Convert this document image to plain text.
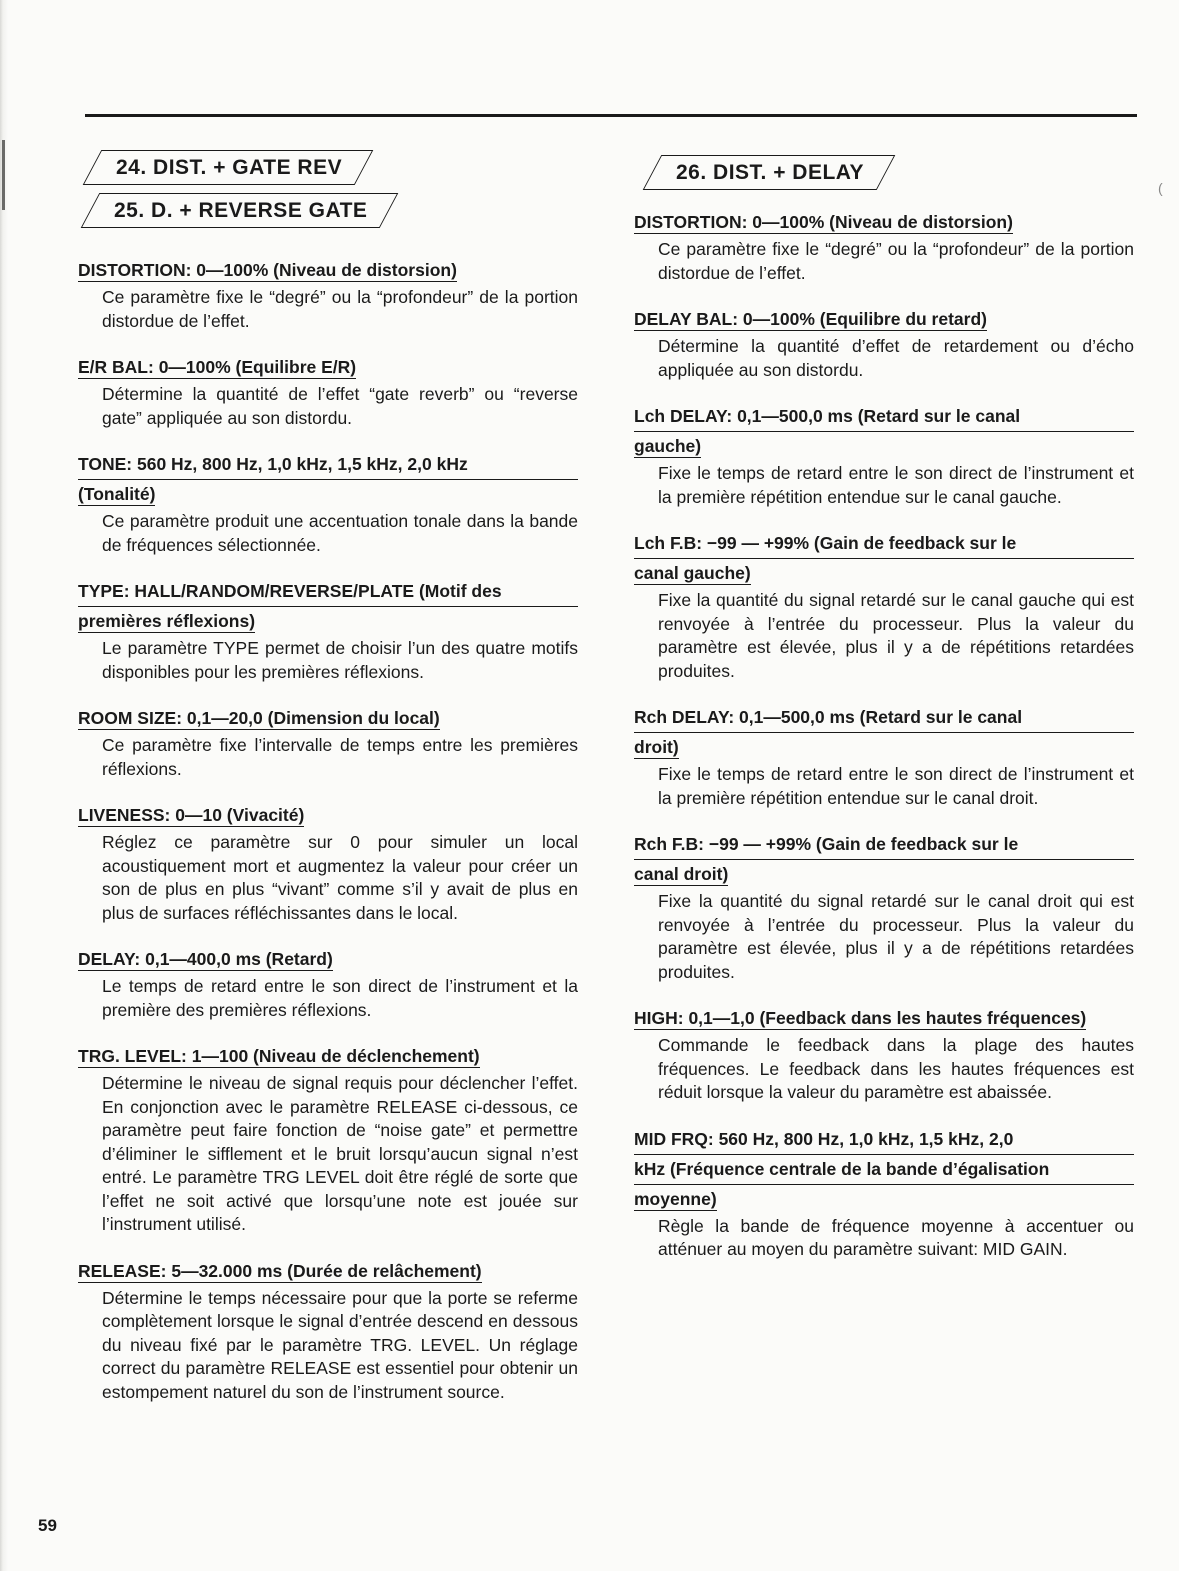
24. DIST. + GATE REV
25. D. + REVERSE GATE

DISTORTION: 0—100% (Niveau de distorsion)

Ce paramètre fixe le “degré” ou la “profondeur” de la portion distordue de l’effet.

E/R BAL: 0—100% (Equilibre E/R)

Détermine la quantité de l’effet “gate reverb” ou “reverse gate” appliquée au son distordu.

TONE: 560 Hz, 800 Hz, 1,0 kHz, 1,5 kHz, 2,0 kHz
(Tonalité)

Ce paramètre produit une accentuation tonale dans la bande de fréquences sélectionnée.

TYPE: HALL/RANDOM/REVERSE/PLATE (Motif des
premières réflexions)

Le paramètre TYPE permet de choisir l’un des quatre motifs disponibles pour les premières réflexions.

ROOM SIZE: 0,1—20,0 (Dimension du local)

Ce paramètre fixe l’intervalle de temps entre les premières réflexions.

LIVENESS: 0—10 (Vivacité)

Réglez ce paramètre sur 0 pour simuler un local acoustiquement mort et augmentez la valeur pour créer un son de plus en plus “vivant” comme s’il y avait de plus en plus de surfaces réfléchissantes dans le local.

DELAY: 0,1—400,0 ms (Retard)

Le temps de retard entre le son direct de l’instrument et la première des premières réflexions.

TRG. LEVEL: 1—100 (Niveau de déclenchement)

Détermine le niveau de signal requis pour déclencher l’effet. En conjonction avec le paramètre RELEASE ci-dessous, ce paramètre peut faire fonction de “noise gate” et permettre d’éliminer le sifflement et le bruit lorsqu’aucun signal n’est entré. Le paramètre TRG LEVEL doit être réglé de sorte que l’effet ne soit activé que lorsqu’une note est jouée sur l’instrument utilisé.

RELEASE: 5—32.000 ms (Durée de relâchement)

Détermine le temps nécessaire pour que la porte se referme complètement lorsque le signal d’entrée descend en dessous du niveau fixé par le paramètre TRG. LEVEL. Un réglage correct du paramètre RELEASE est essentiel pour obtenir un estompement naturel du son de l’instrument source.

26. DIST. + DELAY

DISTORTION: 0—100% (Niveau de distorsion)

Ce paramètre fixe le “degré” ou la “profondeur” de la portion distordue de l’effet.

DELAY BAL: 0—100% (Equilibre du retard)

Détermine la quantité d’effet de retardement ou d’écho appliquée au son distordu.

Lch DELAY: 0,1—500,0 ms (Retard sur le canal
gauche)

Fixe le temps de retard entre le son direct de l’instrument et la première répétition entendue sur le canal gauche.

Lch F.B: −99 — +99% (Gain de feedback sur le
canal gauche)

Fixe la quantité du signal retardé sur le canal gauche qui est renvoyée à l’entrée du processeur. Plus la valeur du paramètre est élevée, plus il y a de répétitions retardées produites.

Rch DELAY: 0,1—500,0 ms (Retard sur le canal
droit)

Fixe le temps de retard entre le son direct de l’instrument et la première répétition entendue sur le canal droit.

Rch F.B: −99 — +99% (Gain de feedback sur le
canal droit)

Fixe la quantité du signal retardé sur le canal droit qui est renvoyée à l’entrée du processeur. Plus la valeur du paramètre est élevée, plus il y a de répétitions retardées produites.

HIGH: 0,1—1,0 (Feedback dans les hautes fréquences)

Commande le feedback dans la plage des hautes fréquences. Le feedback dans les hautes fréquences est réduit lorsque la valeur du paramètre est abaissée.

MID FRQ: 560 Hz, 800 Hz, 1,0 kHz, 1,5 kHz, 2,0
kHz (Fréquence centrale de la bande d’égalisation
moyenne)

Règle la bande de fréquence moyenne à accentuer ou atténuer au moyen du paramètre suivant: MID GAIN.

(
59
